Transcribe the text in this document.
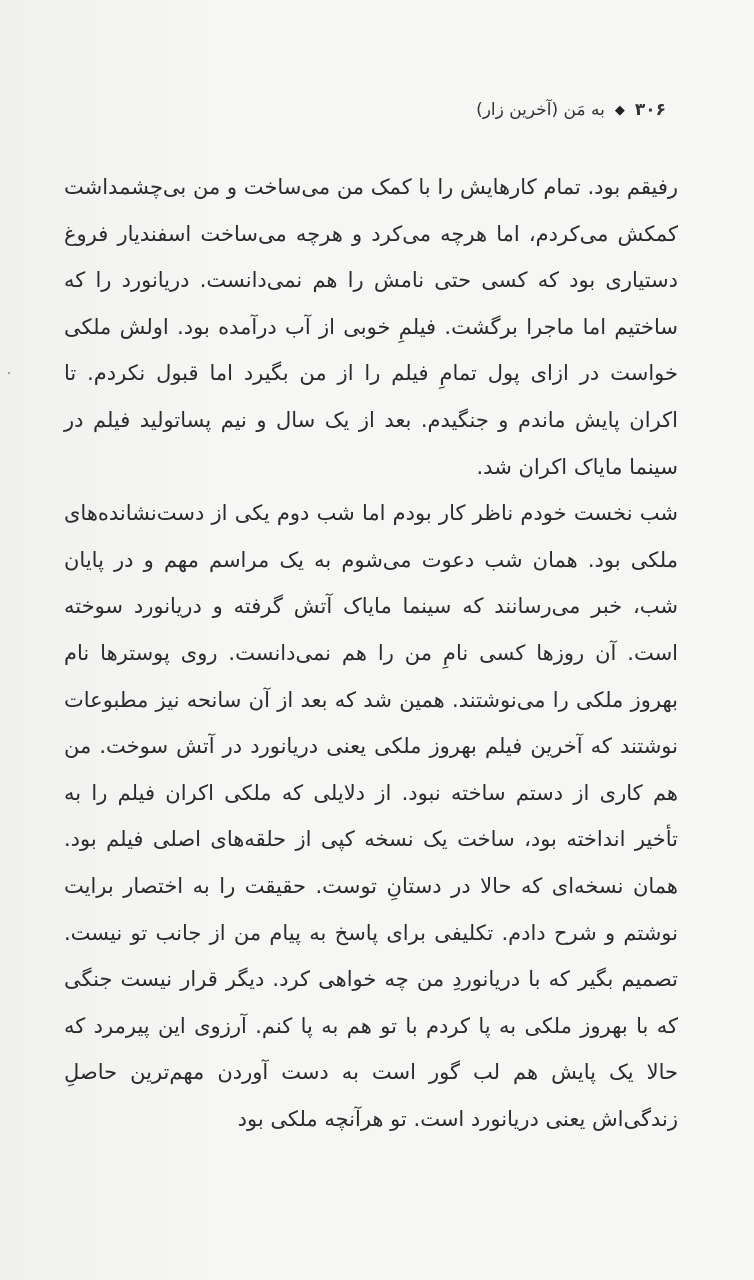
۳۰۶
◆
به مَن (آخرین زار)

رفیقم بود. تمام کارهایش را با کمک من می‌ساخت و من بی‌چشمداشت کمکش می‌کردم، اما هرچه می‌کرد و هرچه می‌ساخت اسفندیار فروغ دستیاری بود که کسی حتی نامش را هم نمی‌دانست. دریانورد را که ساختیم اما ماجرا برگشت. فیلمِ خوبی از آب درآمده بود. اولش ملکی خواست در ازای پول تمامِ فیلم را از من بگیرد اما قبول نکردم. تا اکران پایش ماندم و جنگیدم. بعد از یک سال و نیم پساتولید فیلم در سینما مایاک اکران شد.

شب نخست خودم ناظر کار بودم اما شب دوم یکی از دست‌نشانده‌های ملکی بود. همان شب دعوت می‌شوم به یک مراسم مهم و در پایان شب، خبر می‌رسانند که سینما مایاک آتش گرفته و دریانورد سوخته است. آن روزها کسی نامِ من را هم نمی‌دانست. روی پوسترها نام بهروز ملکی را می‌نوشتند. همین شد که بعد از آن سانحه نیز مطبوعات نوشتند که آخرین فیلم بهروز ملکی یعنی دریانورد در آتش سوخت. من هم کاری از دستم ساخته نبود. از دلایلی که ملکی اکران فیلم را به تأخیر انداخته بود، ساخت یک نسخه کپی از حلقه‌های اصلی فیلم بود. همان نسخه‌ای که حالا در دستانِ توست. حقیقت را به اختصار برایت نوشتم و شرح دادم. تکلیفی برای پاسخ به پیام من از جانب تو نیست. تصمیم بگیر که با دریانوردِ من چه خواهی کرد. دیگر قرار نیست جنگی که با بهروز ملکی به پا کردم با تو هم به پا کنم. آرزوی این پیرمرد که حالا یک پایش هم لب گور است به دست آوردن مهم‌ترین حاصلِ زندگی‌اش یعنی دریانورد است. تو هرآنچه ملکی بود
